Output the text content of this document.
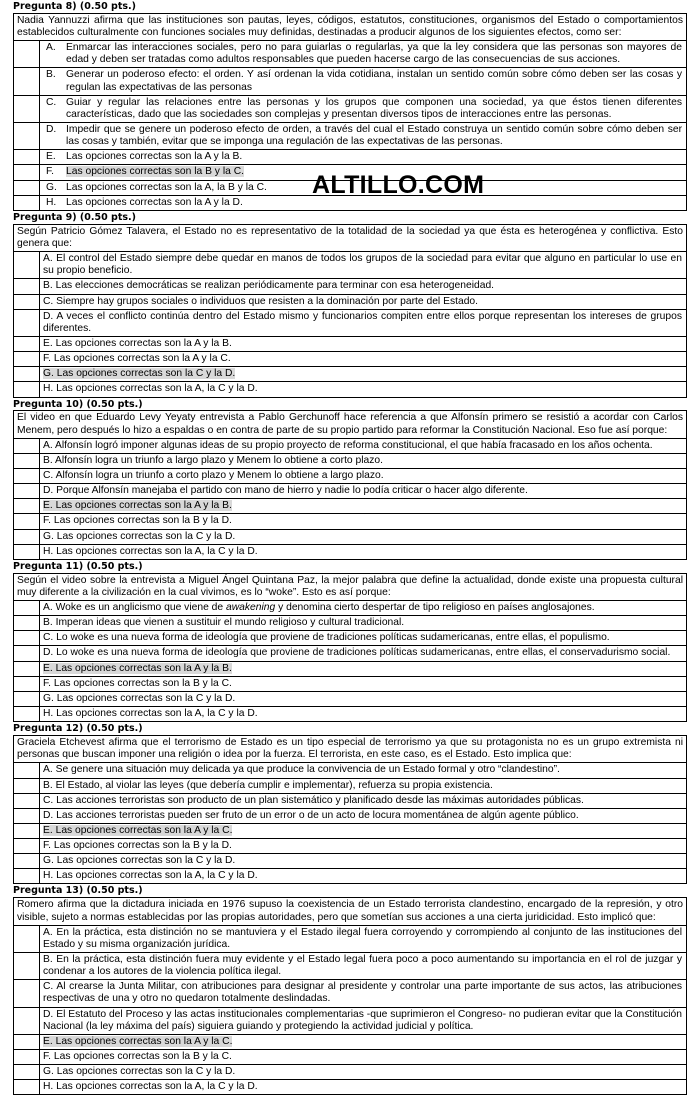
Pregunta 8) (0.50 pts.)
Nadia Yannuzzi afirma que las instituciones son pautas, leyes, códigos, estatutos, constituciones, organismos del Estado o comportamientos establecidos culturalmente con funciones sociales muy definidas, destinadas a producir algunos de los siguientes efectos, como ser:
A. Enmarcar las interacciones sociales, pero no para guiarlas o regularlas, ya que la ley considera que las personas son mayores de edad y deben ser tratadas como adultos responsables que pueden hacerse cargo de las consecuencias de sus acciones.
B. Generar un poderoso efecto: el orden. Y así ordenan la vida cotidiana, instalan un sentido común sobre cómo deben ser las cosas y regulan las expectativas de las personas
C. Guiar y regular las relaciones entre las personas y los grupos que componen una sociedad, ya que éstos tienen diferentes características, dado que las sociedades son complejas y presentan diversos tipos de interacciones entre las personas.
D. Impedir que se genere un poderoso efecto de orden, a través del cual el Estado construya un sentido común sobre cómo deben ser las cosas y también, evitar que se imponga una regulación de las expectativas de las personas.
E. Las opciones correctas son la A y la B.
F.	Las opciones correctas son la B y la C.
G. Las opciones correctas son la A, la B y la C.
H. Las opciones correctas son la A y la D.
Pregunta 9) (0.50 pts.)
Según Patricio Gómez Talavera, el Estado no es representativo de la totalidad de la sociedad ya que ésta es heterogénea y conflictiva. Esto genera que:
A. El control del Estado siempre debe quedar en manos de todos los grupos de la sociedad para evitar que alguno en particular lo use en su propio beneficio.
B. Las elecciones democráticas se realizan periódicamente para terminar con esa heterogeneidad.
C. Siempre hay grupos sociales o individuos que resisten a la dominación por parte del Estado.
D. A veces el conflicto continúa dentro del Estado mismo y funcionarios compiten entre ellos porque representan los intereses de grupos diferentes.
E. Las opciones correctas son la A y la B.
F. Las opciones correctas son la A y la C.
G. Las opciones correctas son la C y la D.
H. Las opciones correctas son la A, la C y la D.
Pregunta 10) (0.50 pts.)
El video en que Eduardo Levy Yeyaty entrevista a Pablo Gerchunoff hace referencia a que Alfonsín primero se resistió a acordar con Carlos Menem, pero después lo hizo a espaldas o en contra de parte de su propio partido para reformar la Constitución Nacional. Eso fue así porque:
A. Alfonsín logró imponer algunas ideas de su propio proyecto de reforma constitucional, el que había fracasado en los años ochenta.
B. Alfonsín logra un triunfo a largo plazo y Menem lo obtiene a corto plazo.
C. Alfonsín logra un triunfo a corto plazo y Menem lo obtiene a largo plazo.
D. Porque Alfonsín manejaba el partido con mano de hierro y nadie lo podía criticar o hacer algo diferente.
E. Las opciones correctas son la A y la B.
F. Las opciones correctas son la B y la D.
G. Las opciones correctas son la C y la D.
H. Las opciones correctas son la A, la C y la D.
Pregunta 11) (0.50 pts.)
Según el video sobre la entrevista a Miguel Ángel Quintana Paz, la mejor palabra que define la actualidad, donde existe una propuesta cultural muy diferente a la civilización en la cual vivimos, es lo “woke”. Esto es así porque:
A. Woke es un anglicismo que viene de awakening y denomina cierto despertar de tipo religioso en países anglosajones.
B. Imperan ideas que vienen a sustituir el mundo religioso y cultural tradicional.
C. Lo woke es una nueva forma de ideología que proviene de tradiciones políticas sudamericanas, entre ellas, el populismo.
D. Lo woke es una nueva forma de ideología que proviene de tradiciones políticas sudamericanas, entre ellas, el conservadurismo social.
E. Las opciones correctas son la A y la B.
F. Las opciones correctas son la B y la C.
G. Las opciones correctas son la C y la D.
H. Las opciones correctas son la A, la C y la D.
Pregunta 12) (0.50 pts.)
Graciela Etchevest afirma que el terrorismo de Estado es un tipo especial de terrorismo ya que su protagonista no es un grupo extremista ni personas que buscan imponer una religión o idea por la fuerza. El terrorista, en este caso, es el Estado. Esto implica que:
A. Se genere una situación muy delicada ya que produce la convivencia de un Estado formal y otro “clandestino”.
B. El Estado, al violar las leyes (que debería cumplir e implementar), refuerza su propia existencia.
C. Las acciones terroristas son producto de un plan sistemático y planificado desde las máximas autoridades públicas.
D. Las acciones terroristas pueden ser fruto de un error o de un acto de locura momentánea de algún agente público.
E. Las opciones correctas son la A y la C.
F. Las opciones correctas son la B y la D.
G. Las opciones correctas son la C y la D.
H. Las opciones correctas son la A, la C y la D.
Pregunta 13) (0.50 pts.)
Romero afirma que la dictadura iniciada en 1976 supuso la coexistencia de un Estado terrorista clandestino, encargado de la represión, y otro visible, sujeto a normas establecidas por las propias autoridades, pero que sometían sus acciones a una cierta juridicidad. Esto implicó que:
A. En la práctica, esta distinción no se mantuviera y el Estado ilegal fuera corroyendo y corrompiendo al conjunto de las instituciones del Estado y su misma organización jurídica.
B. En la práctica, esta distinción fuera muy evidente y el Estado legal fuera poco a poco aumentando su importancia en el rol de juzgar y condenar a los autores de la violencia política ilegal.
C. Al crearse la Junta Militar, con atribuciones para designar al presidente y controlar una parte importante de sus actos, las atribuciones respectivas de una y otro no quedaron totalmente deslindadas.
D. El Estatuto del Proceso y las actas institucionales complementarias -que suprimieron el Congreso- no pudieran evitar que la Constitución Nacional (la ley máxima del país) siguiera guiando y protegiendo la actividad judicial y política.
E. Las opciones correctas son la A y la C.
F. Las opciones correctas son la B y la C.
G. Las opciones correctas son la C y la D.
H. Las opciones correctas son la A, la C y la D.
ALTILLO.COM
